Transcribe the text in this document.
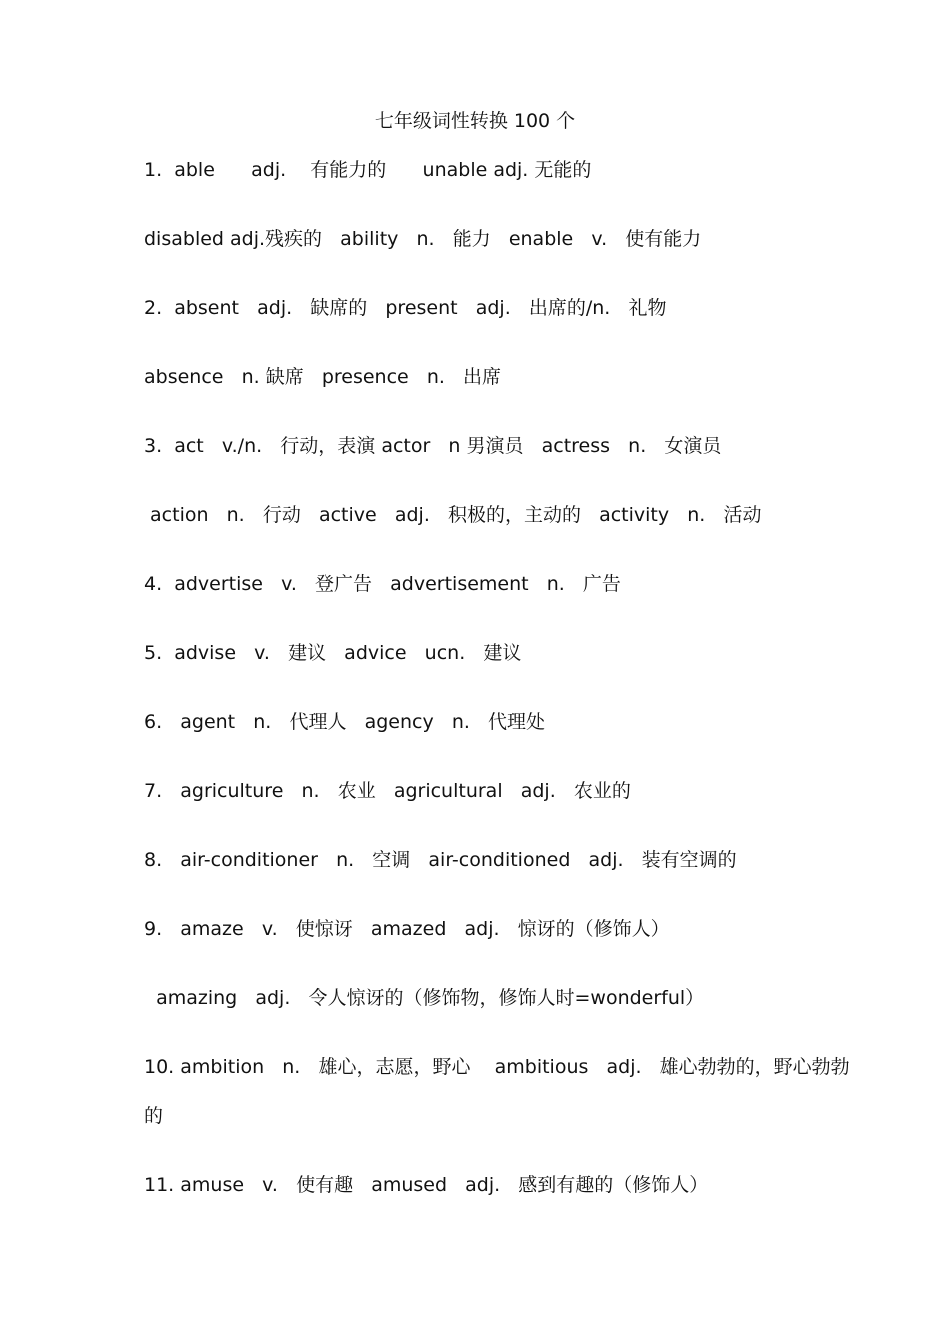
七年级词性转换 100 个
1.  able      adj.    有能力的      unable adj. 无能的
disabled adj.残疾的   ability   n.   能力   enable   v.   使有能力
2.  absent   adj.   缺席的   present   adj.   出席的/n.   礼物
absence   n. 缺席   presence   n.   出席
3.  act   v./n.   行动，表演 actor   n 男演员   actress   n.   女演员
action   n.   行动   active   adj.   积极的，主动的   activity   n.   活动
4.  advertise   v.   登广告   advertisement   n.   广告
5.  advise   v.   建议   advice   ucn.   建议
6.   agent   n.   代理人   agency   n.   代理处
7.   agriculture   n.   农业   agricultural   adj.   农业的
8.   air-conditioner   n.   空调   air-conditioned   adj.   装有空调的
9.   amaze   v.   使惊讶   amazed   adj.   惊讶的（修饰人）
amazing   adj.   令人惊讶的（修饰物，修饰人时=wonderful）
10. ambition   n.   雄心，志愿，野心    ambitious   adj.   雄心勃勃的，野心勃勃
的
11. amuse   v.   使有趣   amused   adj.   感到有趣的（修饰人）
